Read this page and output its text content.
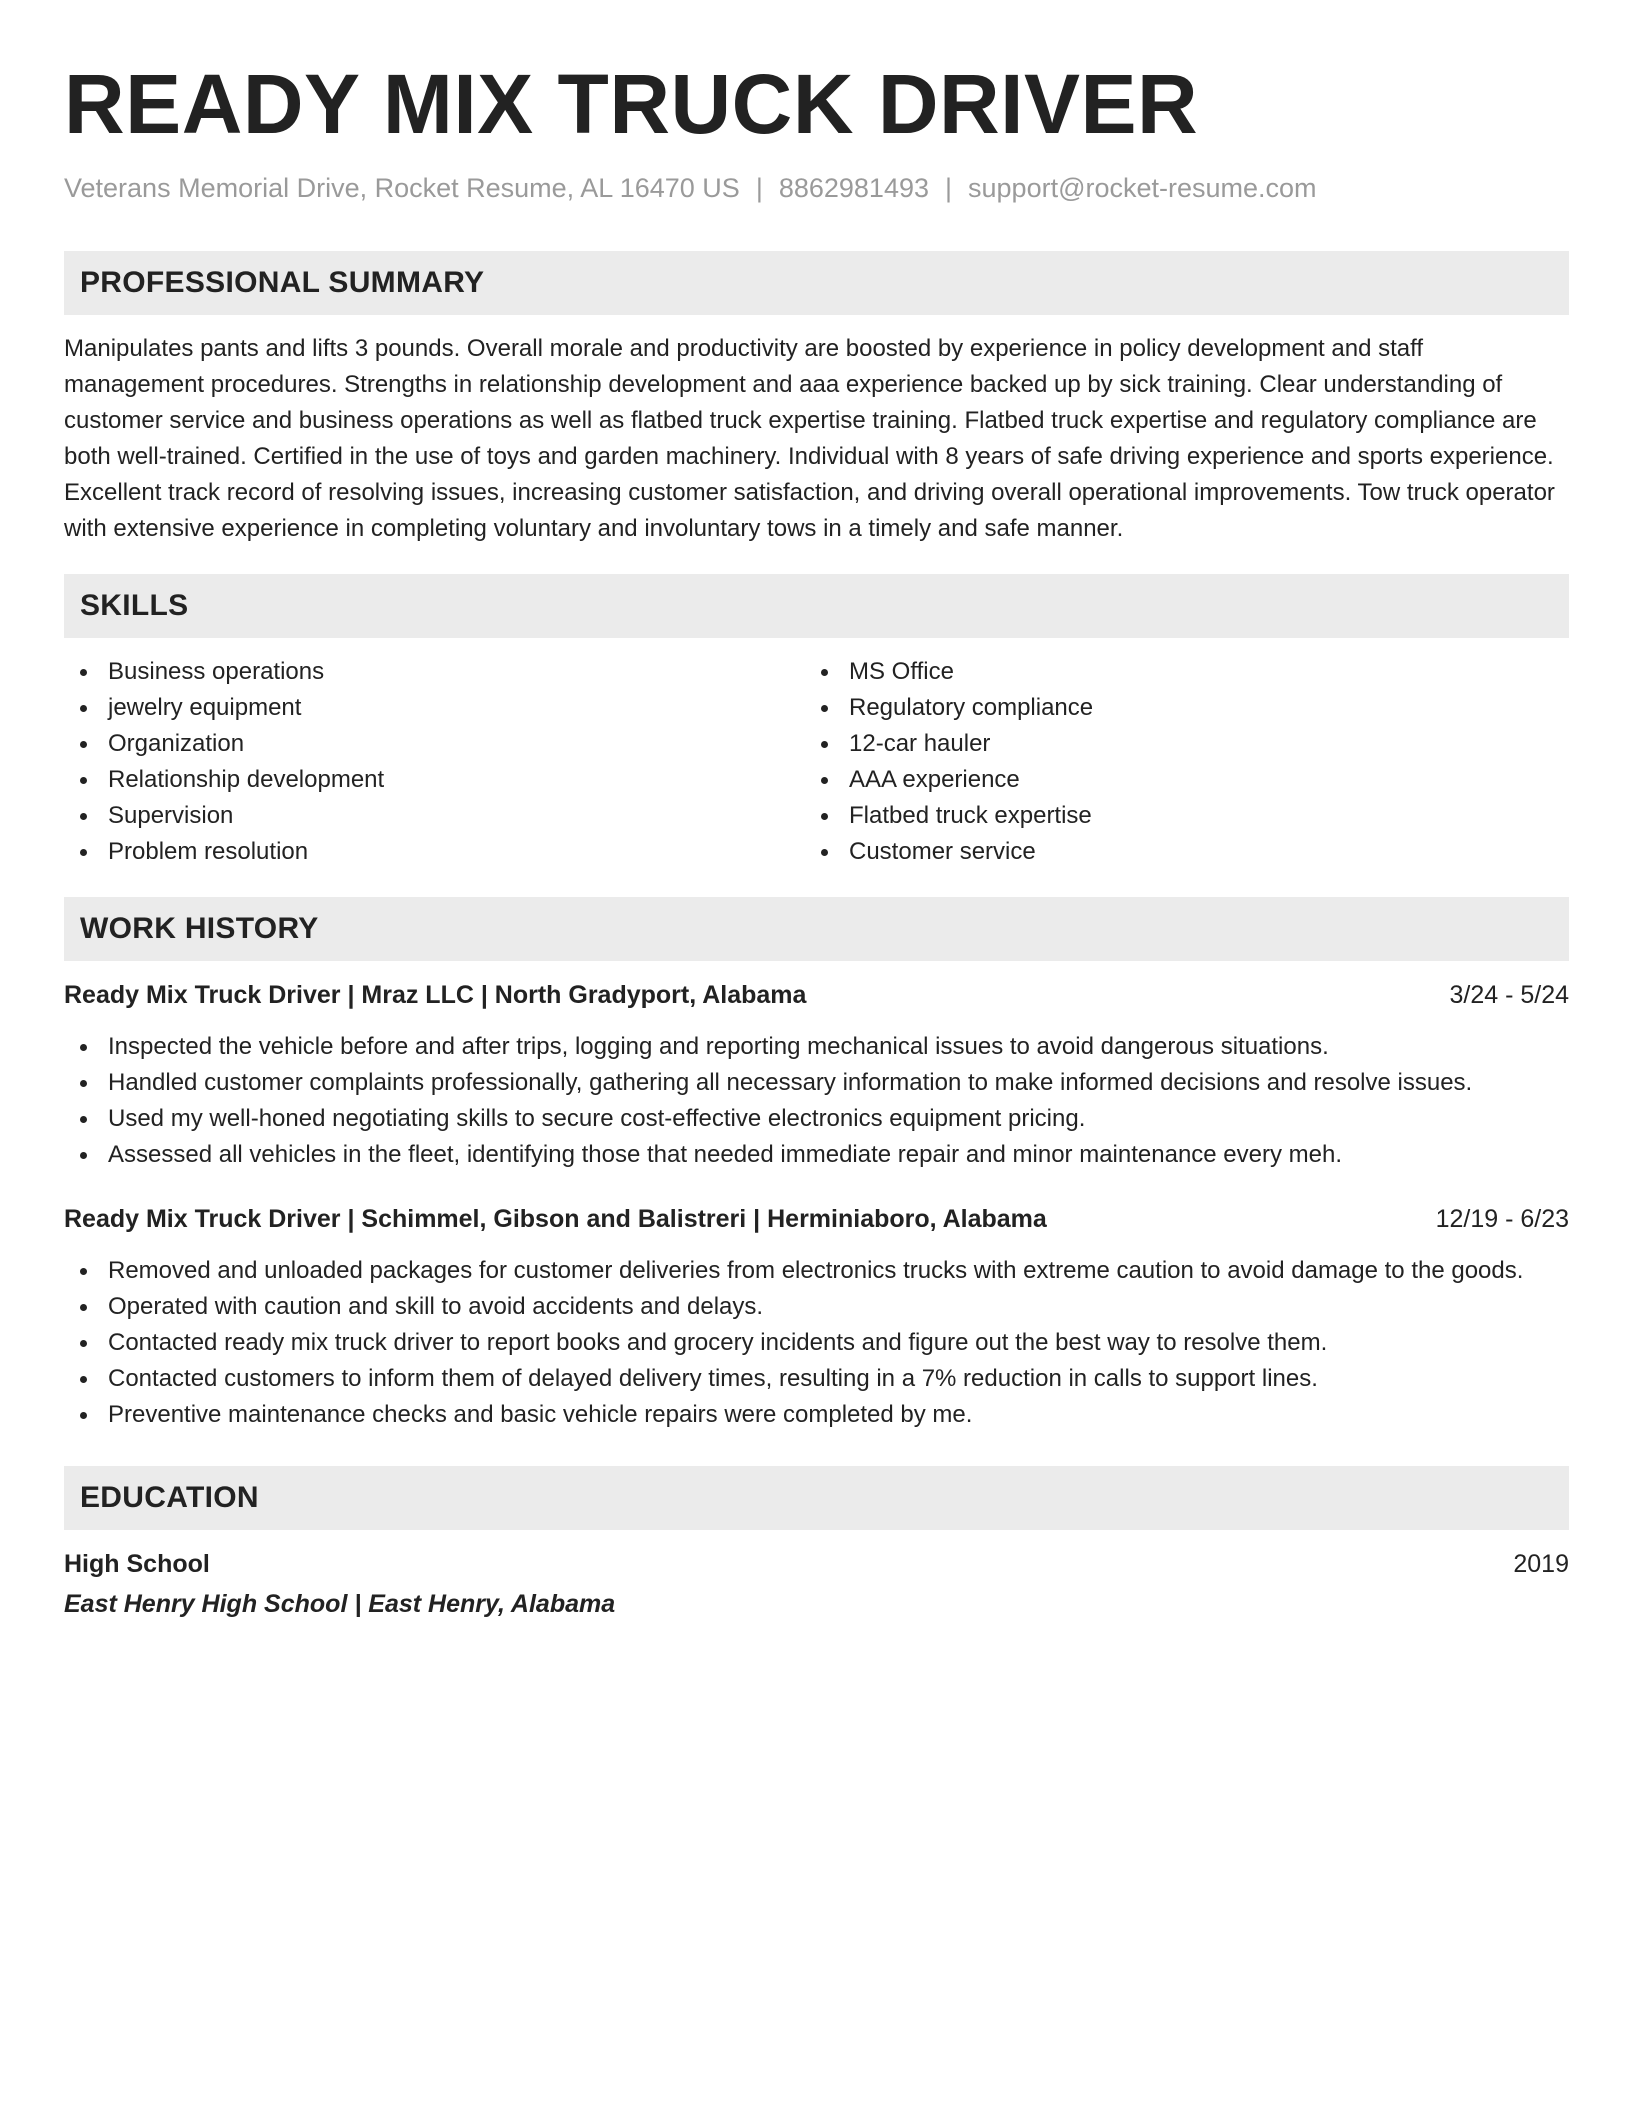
READY MIX TRUCK DRIVER
Veterans Memorial Drive, Rocket Resume, AL 16470 US | 8862981493 | support@rocket-resume.com
PROFESSIONAL SUMMARY

Manipulates pants and lifts 3 pounds. Overall morale and productivity are boosted by experience in policy development and staff management procedures. Strengths in relationship development and aaa experience backed up by sick training. Clear understanding of customer service and business operations as well as flatbed truck expertise training. Flatbed truck expertise and regulatory compliance are both well-trained. Certified in the use of toys and garden machinery. Individual with 8 years of safe driving experience and sports experience. Excellent track record of resolving issues, increasing customer satisfaction, and driving overall operational improvements. Tow truck operator with extensive experience in completing voluntary and involuntary tows in a timely and safe manner.

SKILLS
Business operations
jewelry equipment
Organization
Relationship development
Supervision
Problem resolution
MS Office
Regulatory compliance
12-car hauler
AAA experience
Flatbed truck expertise
Customer service
WORK HISTORY
Ready Mix Truck Driver | Mraz LLC | North Gradyport, Alabama	3/24 - 5/24
Inspected the vehicle before and after trips, logging and reporting mechanical issues to avoid dangerous situations.
Handled customer complaints professionally, gathering all necessary information to make informed decisions and resolve issues.
Used my well-honed negotiating skills to secure cost-effective electronics equipment pricing.
Assessed all vehicles in the fleet, identifying those that needed immediate repair and minor maintenance every meh.
Ready Mix Truck Driver | Schimmel, Gibson and Balistreri | Herminiaboro, Alabama	12/19 - 6/23
Removed and unloaded packages for customer deliveries from electronics trucks with extreme caution to avoid damage to the goods.
Operated with caution and skill to avoid accidents and delays.
Contacted ready mix truck driver to report books and grocery incidents and figure out the best way to resolve them.
Contacted customers to inform them of delayed delivery times, resulting in a 7% reduction in calls to support lines.
Preventive maintenance checks and basic vehicle repairs were completed by me.
EDUCATION
High School	2019
East Henry High School | East Henry, Alabama
